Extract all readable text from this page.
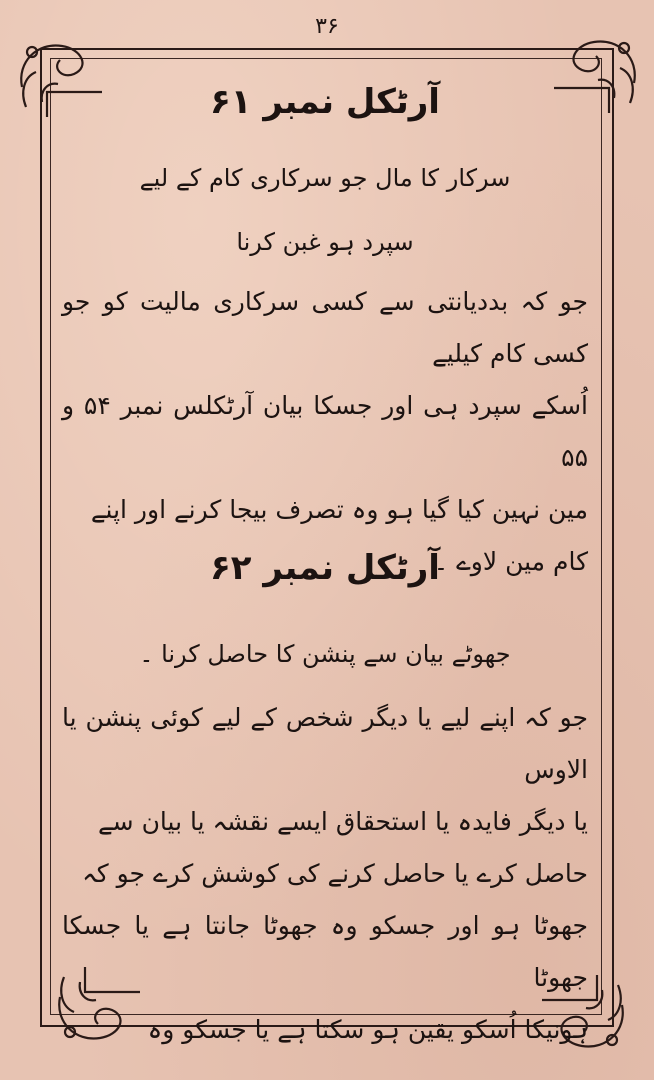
۳۶
آرٹکل نمبر ۶۱

سرکار کا مال جو سرکاری کام کے لیے

سپرد ہو غبن کرنا

جو کہ بددیانتی سے کسی سرکاری مالیت کو جو کسی کام کیلیے

اُسکے سپرد ہی اور جسکا بیان آرٹکلس نمبر ۵۴ و ۵۵

مین نہین کیا گیا ہو وہ تصرف بیجا کرنے اور اپنے

کام مین لاوے ۔

آرٹکل نمبر ۶۲

جھوٹے بیان سے پنشن کا حاصل کرنا ۔

جو کہ اپنے لیے یا دیگر شخص کے لیے کوئی پنشن یا الاوس

یا دیگر فایدہ یا استحقاق ایسے نقشہ یا بیان سے

حاصل کرے یا حاصل کرنے کی کوشش کرے جو کہ

جھوٹا ہو اور جسکو وہ جھوٹا جانتا ہے یا جسکا جھوٹا

ہونیکا اُسکو یقین ہو سکتا ہے یا جسکو وہ
